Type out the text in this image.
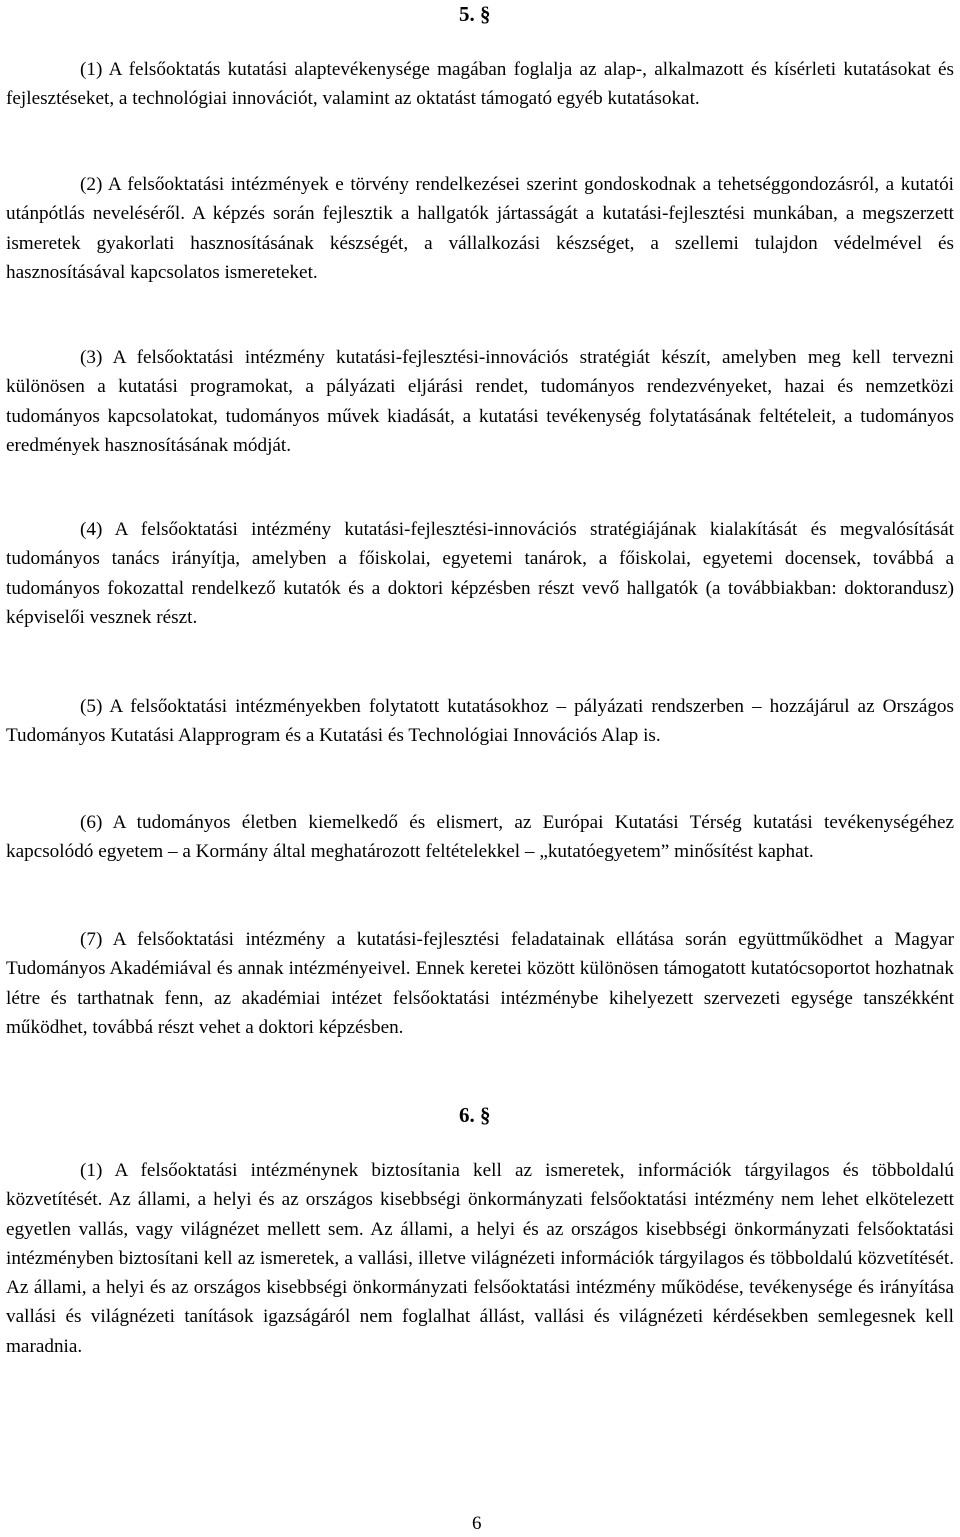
5. §

(1) A felsőoktatás kutatási alaptevékenysége magában foglalja az alap-, alkalmazott és kísérleti kutatásokat és fejlesztéseket, a technológiai innovációt, valamint az oktatást támogató egyéb kutatásokat.

(2) A felsőoktatási intézmények e törvény rendelkezései szerint gondoskodnak a tehetséggondozásról, a kutatói utánpótlás neveléséről. A képzés során fejlesztik a hallgatók jártasságát a kutatási-fejlesztési munkában, a megszerzett ismeretek gyakorlati hasznosításának készségét, a vállalkozási készséget, a szellemi tulajdon védelmével és hasznosításával kapcsolatos ismereteket.

(3) A felsőoktatási intézmény kutatási-fejlesztési-innovációs stratégiát készít, amelyben meg kell tervezni különösen a kutatási programokat, a pályázati eljárási rendet, tudományos rendezvényeket, hazai és nemzetközi tudományos kapcsolatokat, tudományos művek kiadását, a kutatási tevékenység folytatásának feltételeit, a tudományos eredmények hasznosításának módját.

(4) A felsőoktatási intézmény kutatási-fejlesztési-innovációs stratégiájának kialakítását és megvalósítását tudományos tanács irányítja, amelyben a főiskolai, egyetemi tanárok, a főiskolai, egyetemi docensek, továbbá a tudományos fokozattal rendelkező kutatók és a doktori képzésben részt vevő hallgatók (a továbbiakban: doktorandusz) képviselői vesznek részt.

(5) A felsőoktatási intézményekben folytatott kutatásokhoz – pályázati rendszerben – hozzájárul az Országos Tudományos Kutatási Alapprogram és a Kutatási és Technológiai Innovációs Alap is.

(6) A tudományos életben kiemelkedő és elismert, az Európai Kutatási Térség kutatási tevékenységéhez kapcsolódó egyetem – a Kormány által meghatározott feltételekkel – „kutatóegyetem” minősítést kaphat.

(7) A felsőoktatási intézmény a kutatási-fejlesztési feladatainak ellátása során együttműködhet a Magyar Tudományos Akadémiával és annak intézményeivel. Ennek keretei között különösen támogatott kutatócsoportot hozhatnak létre és tarthatnak fenn, az akadémiai intézet felsőoktatási intézménybe kihelyezett szervezeti egysége tanszékként működhet, továbbá részt vehet a doktori képzésben.

6. §

(1) A felsőoktatási intézménynek biztosítania kell az ismeretek, információk tárgyilagos és többoldalú közvetítését. Az állami, a helyi és az országos kisebbségi önkormányzati felsőoktatási intézmény nem lehet elkötelezett egyetlen vallás, vagy világnézet mellett sem. Az állami, a helyi és az országos kisebbségi önkormányzati felsőoktatási intézményben biztosítani kell az ismeretek, a vallási, illetve világnézeti információk tárgyilagos és többoldalú közvetítését. Az állami, a helyi és az országos kisebbségi önkormányzati felsőoktatási intézmény működése, tevékenysége és irányítása vallási és világnézeti tanítások igazságáról nem foglalhat állást, vallási és világnézeti kérdésekben semlegesnek kell maradnia.

6
